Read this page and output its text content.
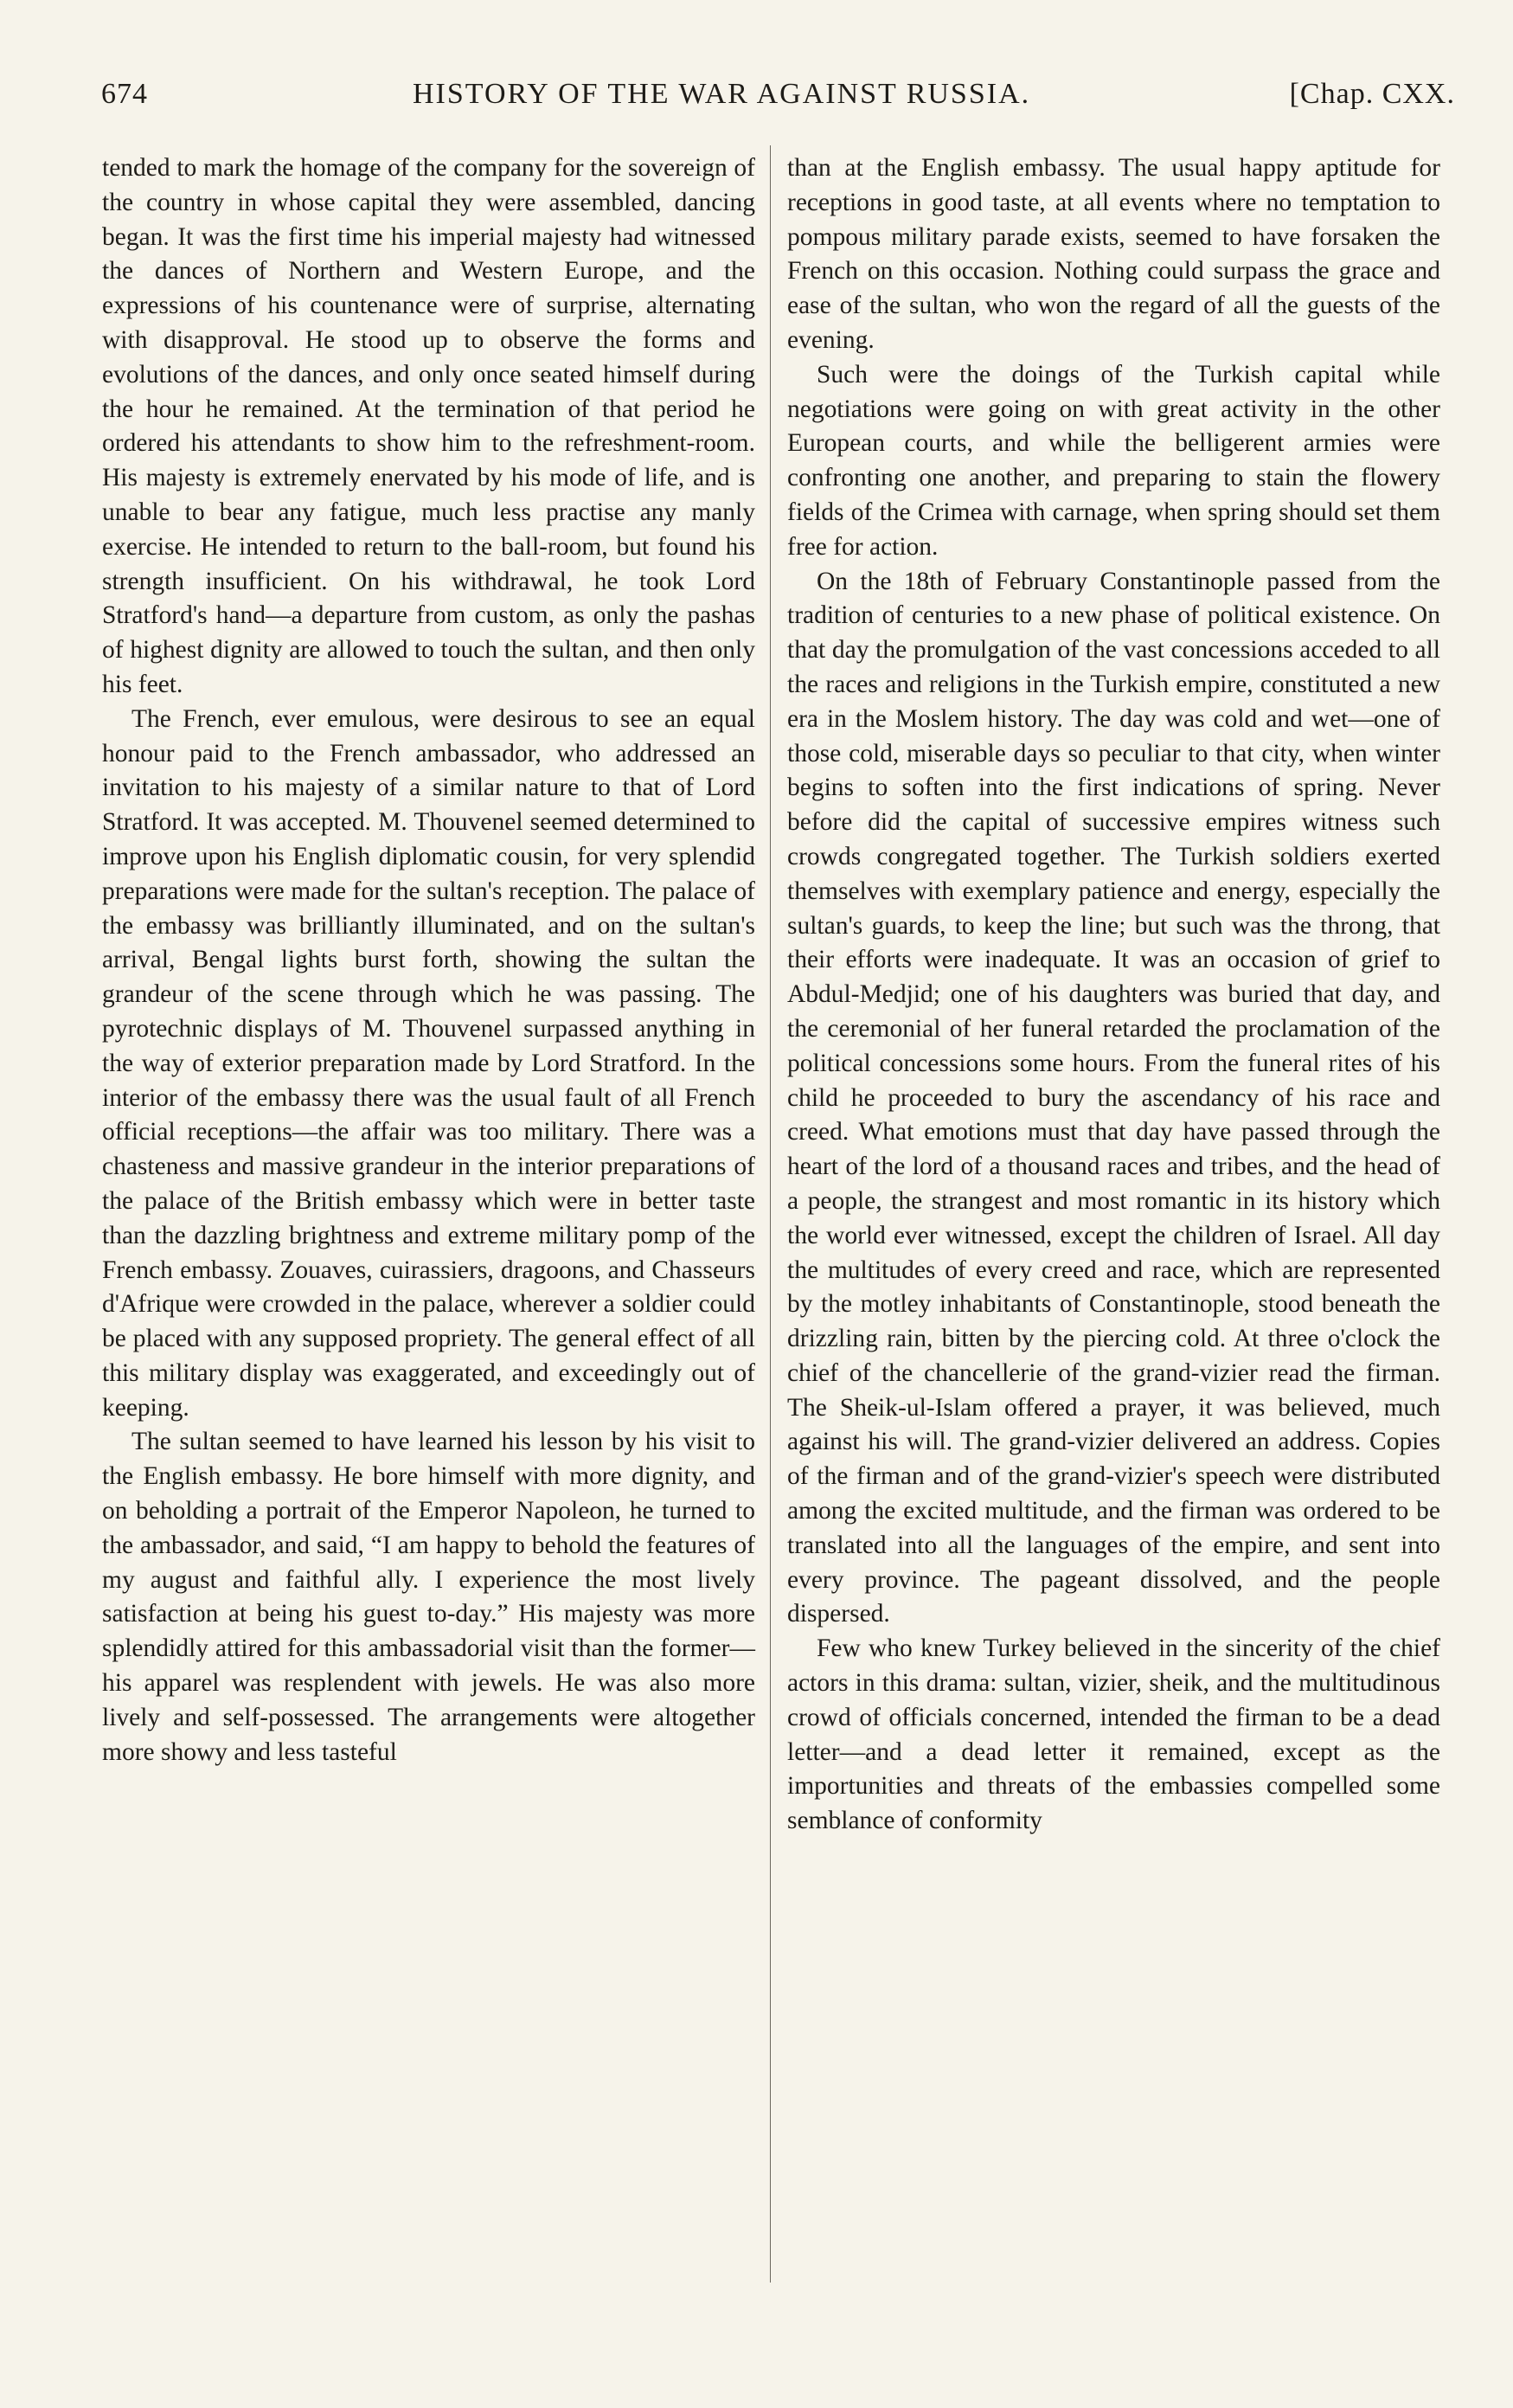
674	HISTORY OF THE WAR AGAINST RUSSIA.	[Chap. CXX.

tended to mark the homage of the company for the sovereign of the country in whose capital they were assembled, dancing began. It was the first time his imperial majesty had witnessed the dances of Northern and Western Europe, and the expressions of his countenance were of surprise, alternating with disapproval. He stood up to observe the forms and evolutions of the dances, and only once seated himself during the hour he remained. At the termination of that period he ordered his attendants to show him to the refreshment-room. His majesty is extremely enervated by his mode of life, and is unable to bear any fatigue, much less practise any manly exercise. He intended to return to the ball-room, but found his strength insufficient. On his withdrawal, he took Lord Stratford's hand—a departure from custom, as only the pashas of highest dignity are allowed to touch the sultan, and then only his feet.

The French, ever emulous, were desirous to see an equal honour paid to the French ambassador, who addressed an invitation to his majesty of a similar nature to that of Lord Stratford. It was accepted. M. Thouvenel seemed determined to improve upon his English diplomatic cousin, for very splendid preparations were made for the sultan's reception. The palace of the embassy was brilliantly illuminated, and on the sultan's arrival, Bengal lights burst forth, showing the sultan the grandeur of the scene through which he was passing. The pyrotechnic displays of M. Thouvenel surpassed anything in the way of exterior preparation made by Lord Stratford. In the interior of the embassy there was the usual fault of all French official receptions—the affair was too military. There was a chasteness and massive grandeur in the interior preparations of the palace of the British embassy which were in better taste than the dazzling brightness and extreme military pomp of the French embassy. Zouaves, cuirassiers, dragoons, and Chasseurs d'Afrique were crowded in the palace, wherever a soldier could be placed with any supposed propriety. The general effect of all this military display was exaggerated, and exceedingly out of keeping.

The sultan seemed to have learned his lesson by his visit to the English embassy. He bore himself with more dignity, and on beholding a portrait of the Emperor Napoleon, he turned to the ambassador, and said, “I am happy to behold the features of my august and faithful ally. I experience the most lively satisfaction at being his guest to-day.” His majesty was more splendidly attired for this ambassadorial visit than the former—his apparel was resplendent with jewels. He was also more lively and self-possessed. The arrangements were altogether more showy and less tasteful

than at the English embassy. The usual happy aptitude for receptions in good taste, at all events where no temptation to pompous military parade exists, seemed to have forsaken the French on this occasion. Nothing could surpass the grace and ease of the sultan, who won the regard of all the guests of the evening.

Such were the doings of the Turkish capital while negotiations were going on with great activity in the other European courts, and while the belligerent armies were confronting one another, and preparing to stain the flowery fields of the Crimea with carnage, when spring should set them free for action.

On the 18th of February Constantinople passed from the tradition of centuries to a new phase of political existence. On that day the promulgation of the vast concessions acceded to all the races and religions in the Turkish empire, constituted a new era in the Moslem history. The day was cold and wet—one of those cold, miserable days so peculiar to that city, when winter begins to soften into the first indications of spring. Never before did the capital of successive empires witness such crowds congregated together. The Turkish soldiers exerted themselves with exemplary patience and energy, especially the sultan's guards, to keep the line; but such was the throng, that their efforts were inadequate. It was an occasion of grief to Abdul-Medjid; one of his daughters was buried that day, and the ceremonial of her funeral retarded the proclamation of the political concessions some hours. From the funeral rites of his child he proceeded to bury the ascendancy of his race and creed. What emotions must that day have passed through the heart of the lord of a thousand races and tribes, and the head of a people, the strangest and most romantic in its history which the world ever witnessed, except the children of Israel. All day the multitudes of every creed and race, which are represented by the motley inhabitants of Constantinople, stood beneath the drizzling rain, bitten by the piercing cold. At three o'clock the chief of the chancellerie of the grand-vizier read the firman. The Sheik-ul-Islam offered a prayer, it was believed, much against his will. The grand-vizier delivered an address. Copies of the firman and of the grand-vizier's speech were distributed among the excited multitude, and the firman was ordered to be translated into all the languages of the empire, and sent into every province. The pageant dissolved, and the people dispersed.

Few who knew Turkey believed in the sincerity of the chief actors in this drama: sultan, vizier, sheik, and the multitudinous crowd of officials concerned, intended the firman to be a dead letter—and a dead letter it remained, except as the importunities and threats of the embassies compelled some semblance of conformity
